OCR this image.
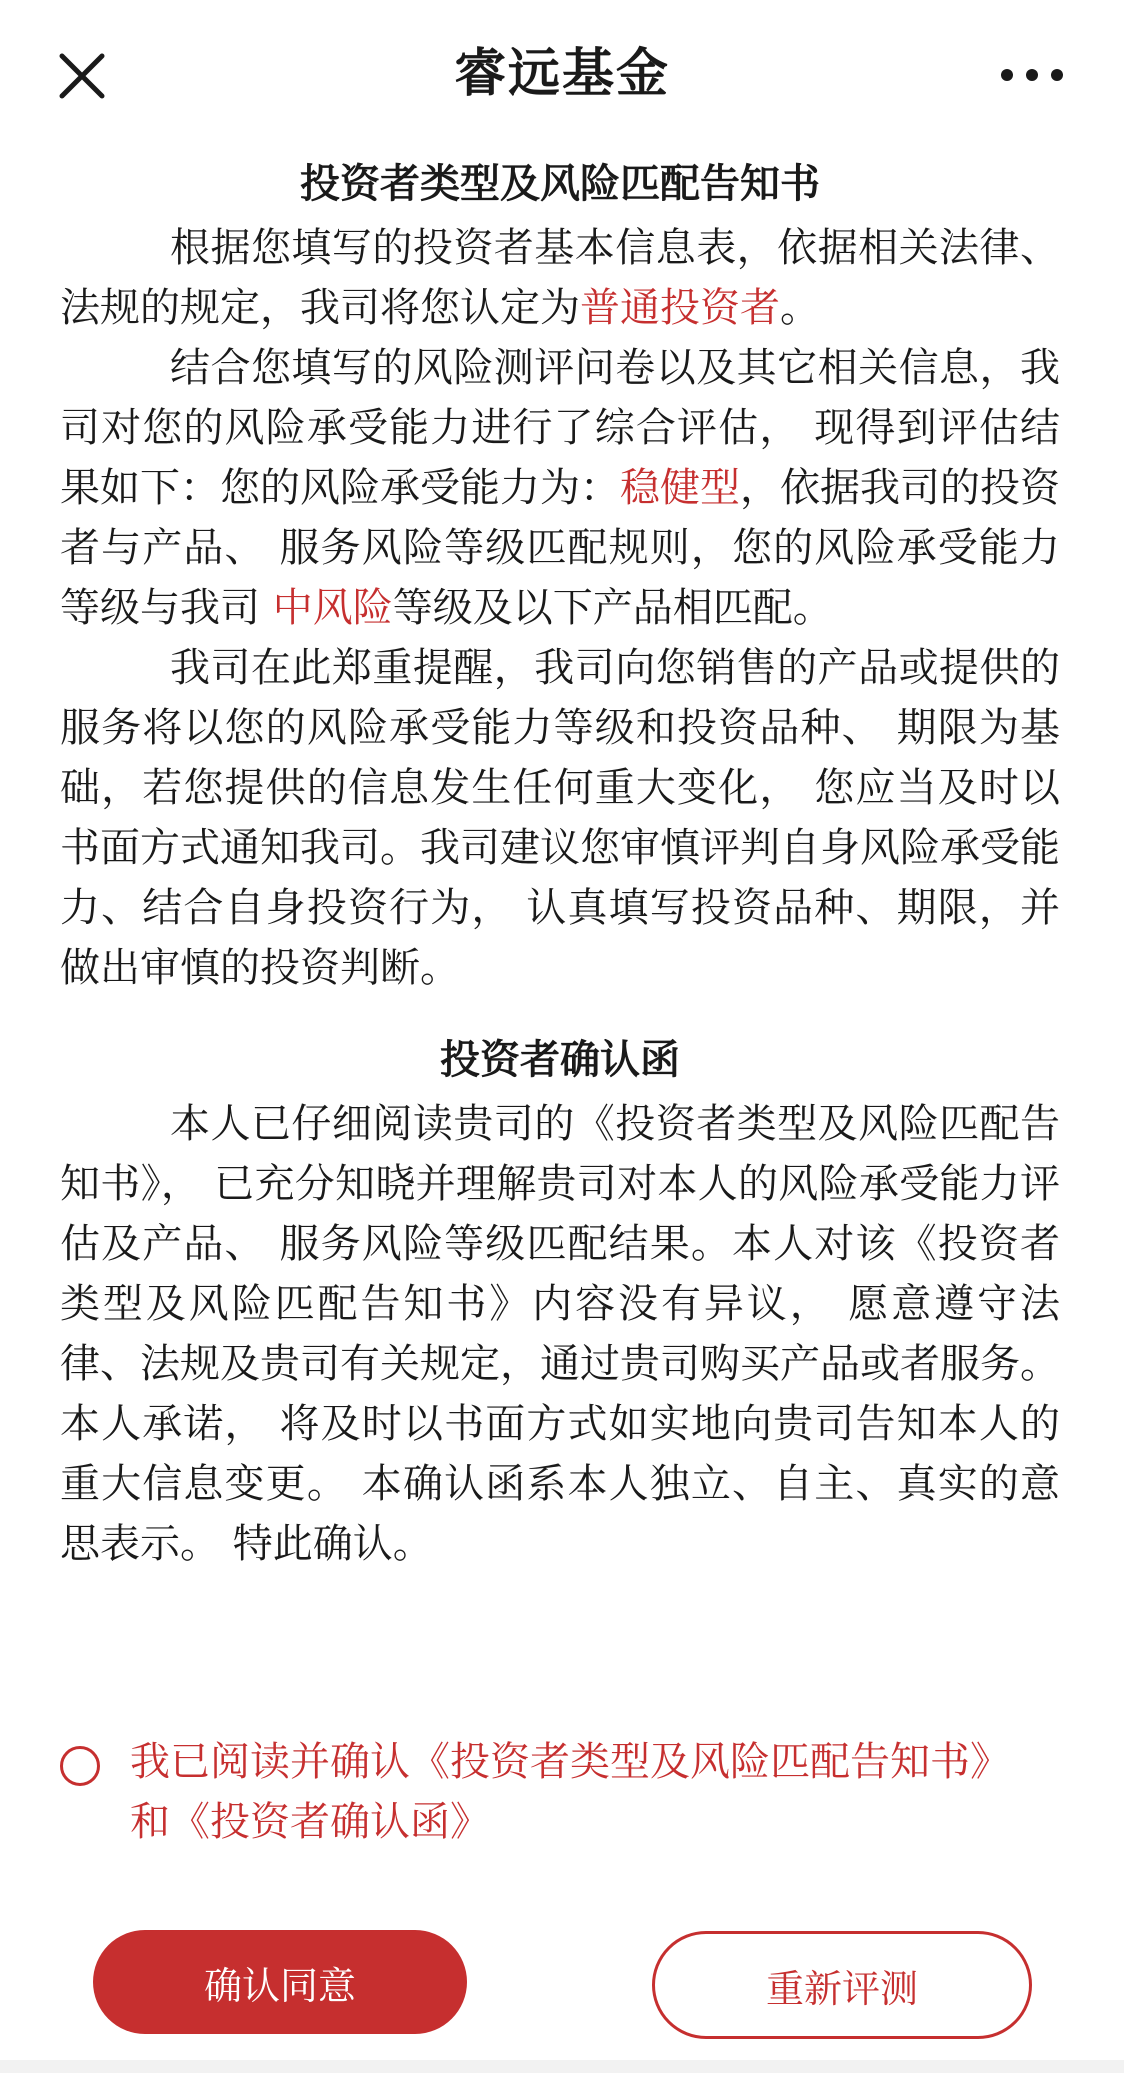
睿远基金
投资者类型及风险匹配告知书

根据您填写的投资者基本信息表，依据相关法律、法规的规定，我司将您认定为普通投资者。

结合您填写的风险测评问卷以及其它相关信息，我司对您的风险承受能力进行了综合评估， 现得到评估结果如下：您的风险承受能力为：稳健型，依据我司的投资者与产品、 服务风险等级匹配规则，您的风险承受能力等级与我司 中风险等级及以下产品相匹配。

我司在此郑重提醒，我司向您销售的产品或提供的服务将以您的风险承受能力等级和投资品种、 期限为基础，若您提供的信息发生任何重大变化， 您应当及时以书面方式通知我司。我司建议您审慎评判自身风险承受能力、结合自身投资行为， 认真填写投资品种、期限，并做出审慎的投资判断。

投资者确认函

本人已仔细阅读贵司的《投资者类型及风险匹配告知书》， 已充分知晓并理解贵司对本人的风险承受能力评估及产品、 服务风险等级匹配结果。本人对该《投资者类型及风险匹配告知书》内容没有异议， 愿意遵守法律、法规及贵司有关规定，通过贵司购买产品或者服务。 本人承诺， 将及时以书面方式如实地向贵司告知本人的重大信息变更。 本确认函系本人独立、自主、真实的意思表示。 特此确认。

我已阅读并确认《投资者类型及风险匹配告知书》和《投资者确认函》
确认同意	重新评测
